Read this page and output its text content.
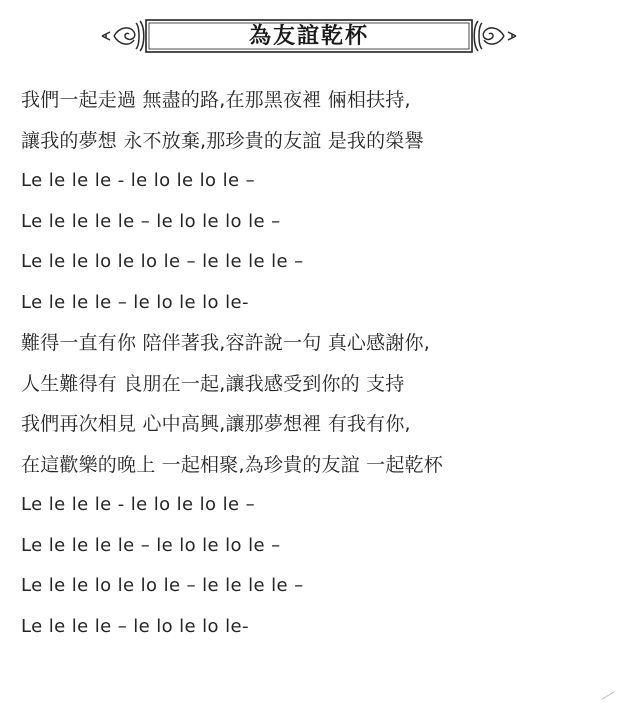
為友誼乾杯
我們一起走過 無盡的路,在那黑夜裡 倆相扶持,
讓我的夢想 永不放棄,那珍貴的友誼 是我的榮譽
Le le le le - le lo le lo le –
Le le le le le – le lo le lo le –
Le le le lo le lo le – le le le le –
Le le le le – le lo le lo le-
難得一直有你 陪伴著我,容許說一句 真心感謝你,
人生難得有 良朋在一起,讓我感受到你的 支持
我們再次相見 心中高興,讓那夢想裡 有我有你,
在這歡樂的晚上 一起相聚,為珍貴的友誼 一起乾杯
Le le le le - le lo le lo le –
Le le le le le – le lo le lo le –
Le le le lo le lo le – le le le le –
Le le le le – le lo le lo le-
